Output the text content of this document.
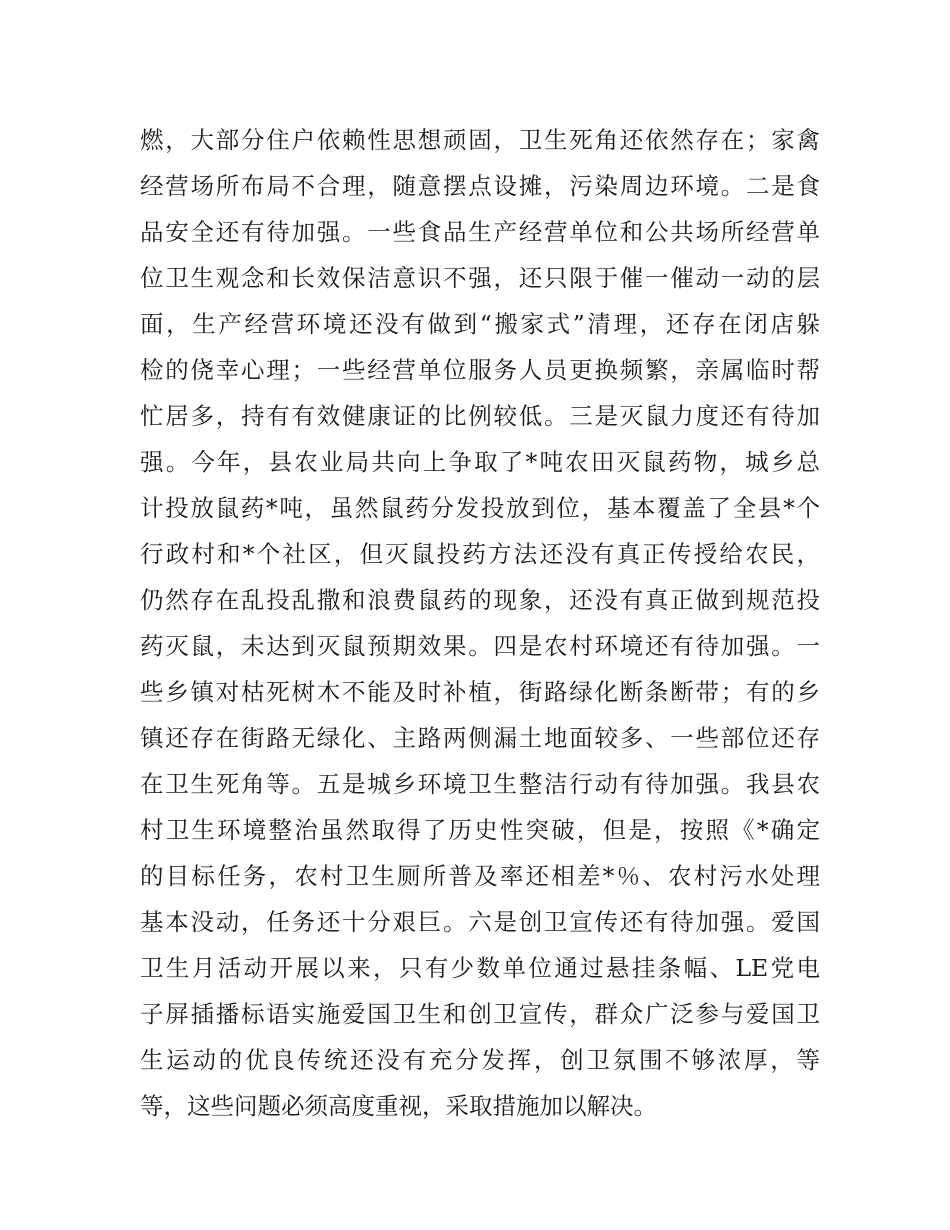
燃，大部分住户依赖性思想顽固，卫生死角还依然存在；家禽
经营场所布局不合理，随意摆点设摊，污染周边环境。二是食
品安全还有待加强。一些食品生产经营单位和公共场所经营单
位卫生观念和长效保洁意识不强，还只限于催一催动一动的层
面，生产经营环境还没有做到“搬家式”清理，还存在闭店躲
检的侥幸心理；一些经营单位服务人员更换频繁，亲属临时帮
忙居多，持有有效健康证的比例较低。三是灭鼠力度还有待加
强。今年，县农业局共向上争取了*吨农田灭鼠药物，城乡总
计投放鼠药*吨，虽然鼠药分发投放到位，基本覆盖了全县*个
行政村和*个社区，但灭鼠投药方法还没有真正传授给农民，
仍然存在乱投乱撒和浪费鼠药的现象，还没有真正做到规范投
药灭鼠，未达到灭鼠预期效果。四是农村环境还有待加强。一
些乡镇对枯死树木不能及时补植，街路绿化断条断带；有的乡
镇还存在街路无绿化、主路两侧漏土地面较多、一些部位还存
在卫生死角等。五是城乡环境卫生整洁行动有待加强。我县农
村卫生环境整治虽然取得了历史性突破，但是，按照《*确定
的目标任务，农村卫生厕所普及率还相差*％、农村污水处理
基本没动，任务还十分艰巨。六是创卫宣传还有待加强。爱国
卫生月活动开展以来，只有少数单位通过悬挂条幅、LE党电
子屏插播标语实施爱国卫生和创卫宣传，群众广泛参与爱国卫
生运动的优良传统还没有充分发挥，创卫氛围不够浓厚，等
等，这些问题必须高度重视，采取措施加以解决。
